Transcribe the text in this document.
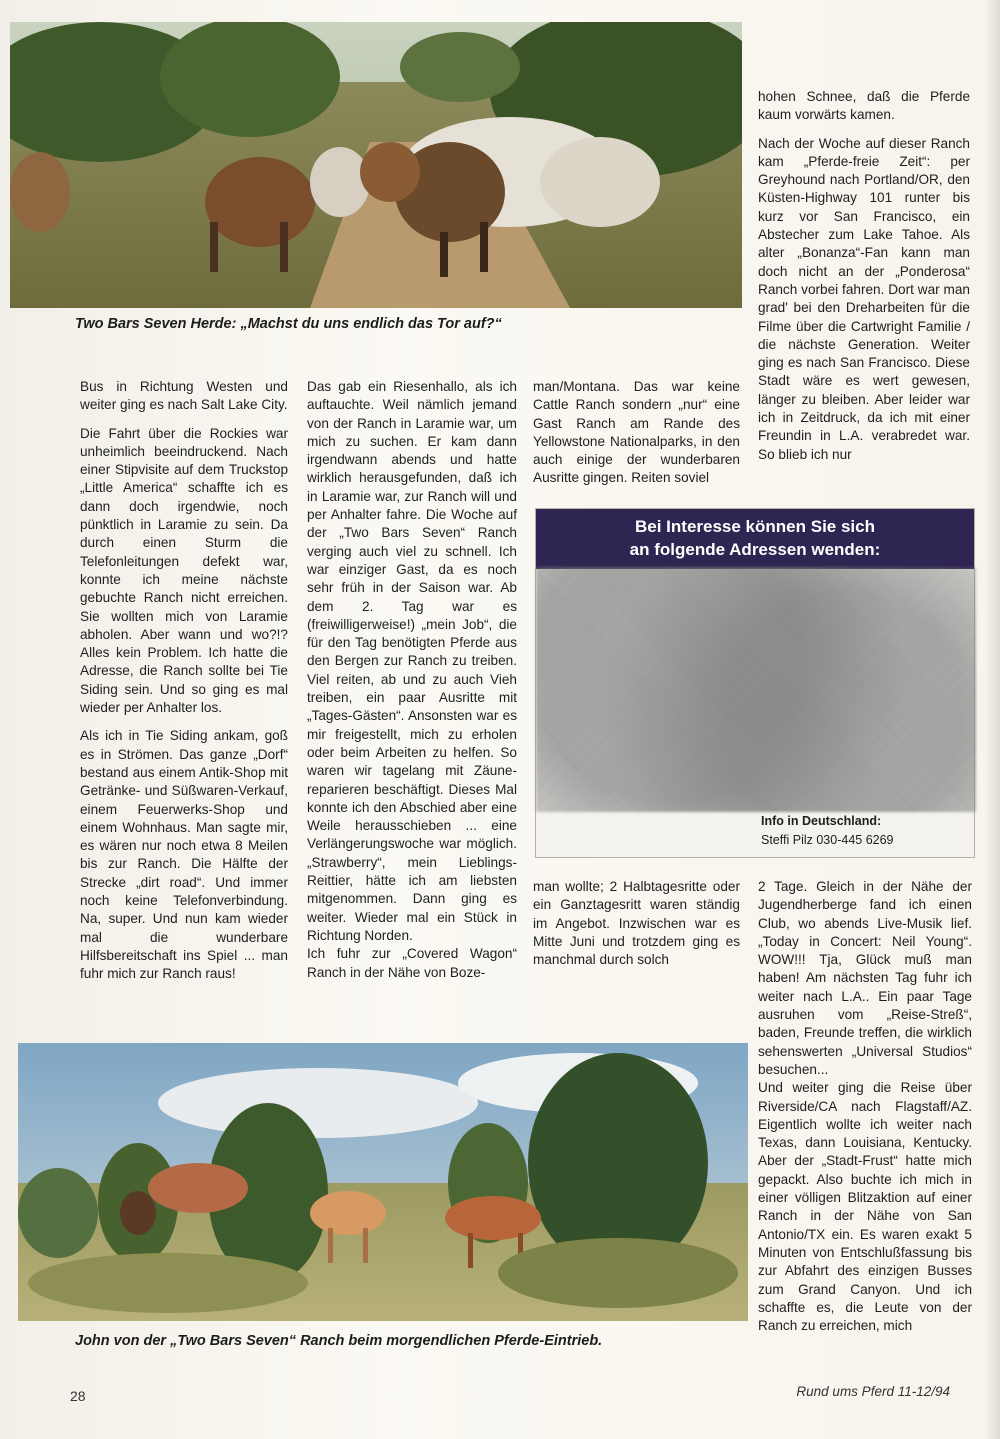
Two Bars Seven Herde: „Machst du uns endlich das Tor auf?“

Bus in Richtung Westen und weiter ging es nach Salt Lake City.

Die Fahrt über die Rockies war unheimlich beeindruckend. Nach einer Stipvisite auf dem Truckstop „Little America“ schaffte ich es dann doch irgendwie, noch pünktlich in Laramie zu sein. Da durch einen Sturm die Telefonleitungen defekt war, konnte ich meine nächste gebuchte Ranch nicht erreichen. Sie wollten mich von Laramie abholen. Aber wann und wo?!? Alles kein Problem. Ich hatte die Adresse, die Ranch sollte bei Tie Siding sein. Und so ging es mal wieder per Anhalter los.

Als ich in Tie Siding ankam, goß es in Strömen. Das ganze „Dorf“ bestand aus einem Antik-Shop mit Getränke- und Süßwaren-Verkauf, einem Feuerwerks-Shop und einem Wohnhaus. Man sagte mir, es wären nur noch etwa 8 Meilen bis zur Ranch. Die Hälfte der Strecke „dirt road“. Und immer noch keine Telefonverbindung. Na, super. Und nun kam wieder mal die wunderbare Hilfsbereitschaft ins Spiel ... man fuhr mich zur Ranch raus!

Das gab ein Riesenhallo, als ich auftauchte. Weil nämlich jemand von der Ranch in Laramie war, um mich zu suchen. Er kam dann irgendwann abends und hatte wirklich herausgefunden, daß ich in Laramie war, zur Ranch will und per Anhalter fahre. Die Woche auf der „Two Bars Seven“ Ranch verging auch viel zu schnell. Ich war einziger Gast, da es noch sehr früh in der Saison war. Ab dem 2. Tag war es (freiwilligerweise!) „mein Job“, die für den Tag benötigten Pferde aus den Bergen zur Ranch zu treiben. Viel reiten, ab und zu auch Vieh treiben, ein paar Ausritte mit „Tages-Gästen“. Ansonsten war es mir freigestellt, mich zu erholen oder beim Arbeiten zu helfen. So waren wir tagelang mit Zäune-reparieren beschäftigt. Dieses Mal konnte ich den Abschied aber eine Weile herausschieben ... eine Verlängerungswoche war möglich. „Strawberry“, mein Lieblings-Reittier, hätte ich am liebsten mitgenommen. Dann ging es weiter. Wieder mal ein Stück in Richtung Norden.

Ich fuhr zur „Covered Wagon“ Ranch in der Nähe von Boze-

man/Montana. Das war keine Cattle Ranch sondern „nur“ eine Gast Ranch am Rande des Yellowstone Nationalparks, in den auch einige der wunderbaren Ausritte gingen. Reiten soviel

hohen Schnee, daß die Pferde kaum vorwärts kamen.

Nach der Woche auf dieser Ranch kam „Pferde-freie Zeit“: per Greyhound nach Portland/OR, den Küsten-Highway 101 runter bis kurz vor San Francisco, ein Abstecher zum Lake Tahoe. Als alter „Bonanza“-Fan kann man doch nicht an der „Ponderosa“ Ranch vorbei fahren. Dort war man grad' bei den Dreharbeiten für die Filme über die Cartwright Familie / die nächste Generation. Weiter ging es nach San Francisco. Diese Stadt wäre es wert gewesen, länger zu bleiben. Aber leider war ich in Zeitdruck, da ich mit einer Freundin in L.A. verabredet war. So blieb ich nur

Bei Interesse können Sie sich
an folgende Adressen wenden:
Info in Deutschland:
Steffi Pilz 030-445 6269

man wollte; 2 Halbtagesritte oder ein Ganztagesritt waren ständig im Angebot. Inzwischen war es Mitte Juni und trotzdem ging es manchmal durch solch

2 Tage. Gleich in der Nähe der Jugendherberge fand ich einen Club, wo abends Live-Musik lief. „Today in Concert: Neil Young“. WOW!!! Tja, Glück muß man haben! Am nächsten Tag fuhr ich weiter nach L.A.. Ein paar Tage ausruhen vom „Reise-Streß“, baden, Freunde treffen, die wirklich sehenswerten „Universal Studios“ besuchen...

Und weiter ging die Reise über Riverside/CA nach Flagstaff/AZ. Eigentlich wollte ich weiter nach Texas, dann Louisiana, Kentucky. Aber der „Stadt-Frust“ hatte mich gepackt. Also buchte ich mich in einer völligen Blitzaktion auf einer Ranch in der Nähe von San Antonio/TX ein. Es waren exakt 5 Minuten von Entschlußfassung bis zur Abfahrt des einzigen Busses zum Grand Canyon. Und ich schaffte es, die Leute von der Ranch zu erreichen, mich

John von der „Two Bars Seven“ Ranch beim morgendlichen Pferde-Eintrieb.
28	Rund ums Pferd 11-12/94
